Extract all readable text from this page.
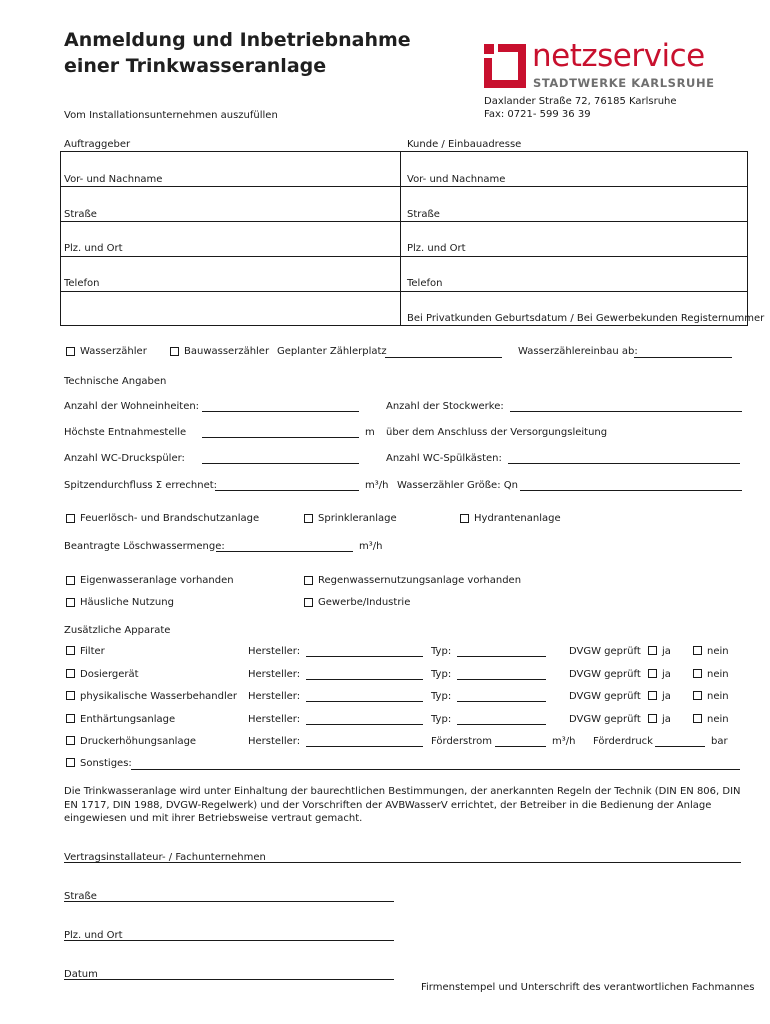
Anmeldung und Inbetriebnahme
einer Trinkwasseranlage
Vom Installationsunternehmen auszufüllen
netzservice
STADTWERKE KARLSRUHE
Daxlander Straße 72, 76185 Karlsruhe
Fax: 0721- 599 36 39
Auftraggeber	Kunde / Einbauadresse
Vor- und Nachname	Vor- und Nachname
Straße	Straße
Plz. und Ort	Plz. und Ort
Telefon	Telefon
Bei Privatkunden Geburtsdatum / Bei Gewerbekunden Registernummer
Wasserzähler	Bauwasserzähler Geplanter Zählerplatz	Wasserzählereinbau ab:
Technische Angaben
Anzahl der Wohneinheiten:	Anzahl der Stockwerke:
Höchste Entnahmestelle	m über dem Anschluss der Versorgungsleitung
Anzahl WC-Druckspüler:	Anzahl WC-Spülkästen:
Spitzendurchfluss Σ errechnet:	m³/h Wasserzähler Größe: Qn
Feuerlösch- und Brandschutzanlage	Sprinkleranlage	Hydrantenanlage
Beantragte Löschwassermenge:	m³/h
Eigenwasseranlage vorhanden	Regenwassernutzungsanlage vorhanden
Häusliche Nutzung	Gewerbe/Industrie
Zusätzliche Apparate
Filter	Hersteller:	Typ:	DVGW geprüft ja	nein
Dosiergerät	Hersteller:	Typ:	DVGW geprüft ja	nein
physikalische Wasserbehandler Hersteller:	Typ:	DVGW geprüft ja	nein
Enthärtungsanlage	Hersteller:	Typ:	DVGW geprüft ja	nein
Druckerhöhungsanlage	Hersteller:	Förderstrom	m³/h Förderdruck	bar
Sonstiges:
Die Trinkwasseranlage wird unter Einhaltung der baurechtlichen Bestimmungen, der anerkannten Regeln der Technik (DIN EN 806, DIN EN 1717, DIN 1988, DVGW-Regelwerk) und der Vorschriften der AVBWasserV errichtet, der Betreiber in die Bedienung der Anlage eingewiesen und mit ihrer Betriebsweise vertraut gemacht.
Vertragsinstallateur- / Fachunternehmen
Straße
Plz. und Ort
Datum
Firmenstempel und Unterschrift des verantwortlichen Fachmannes
